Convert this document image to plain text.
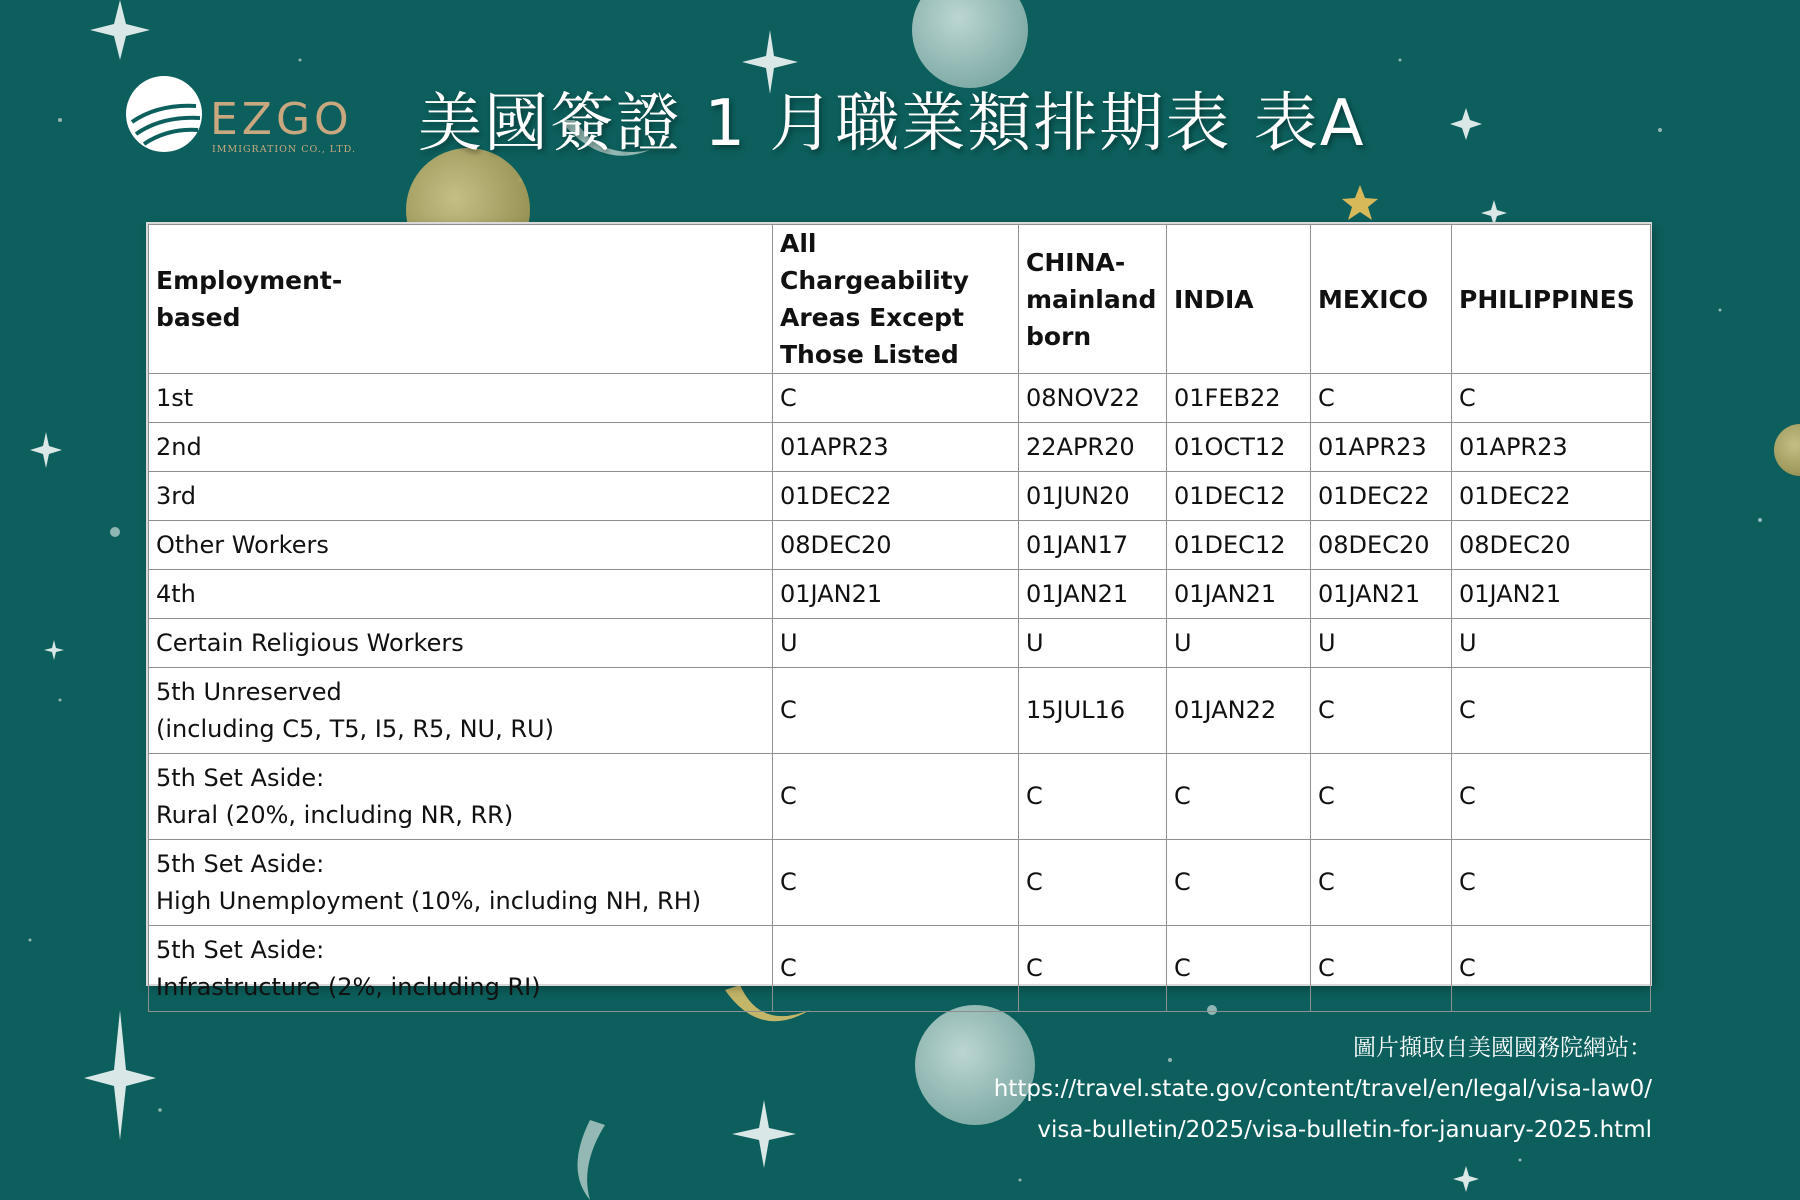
EZGO
IMMIGRATION CO., LTD. 美國簽證 1 月職業類排期表 表A
Employment-
based	All Chargeability Areas Except Those Listed	CHINA-mainland born	INDIA	MEXICO	PHILIPPINES
1st	C	08NOV22	01FEB22	C	C
2nd	01APR23	22APR20	01OCT12	01APR23	01APR23
3rd	01DEC22	01JUN20	01DEC12	01DEC22	01DEC22
Other Workers	08DEC20	01JAN17	01DEC12	08DEC20	08DEC20
4th	01JAN21	01JAN21	01JAN21	01JAN21	01JAN21
Certain Religious Workers	U	U	U	U	U
5th Unreserved
(including C5, T5, I5, R5, NU, RU)	C	15JUL16	01JAN22	C	C
5th Set Aside:
Rural (20%, including NR, RR)	C	C	C	C	C
5th Set Aside:
High Unemployment (10%, including NH, RH)	C	C	C	C	C
5th Set Aside:
Infrastructure (2%, including RI)	C	C	C	C	C
圖片擷取自美國國務院網站：
https://travel.state.gov/content/travel/en/legal/visa-law0/
visa-bulletin/2025/visa-bulletin-for-january-2025.html
